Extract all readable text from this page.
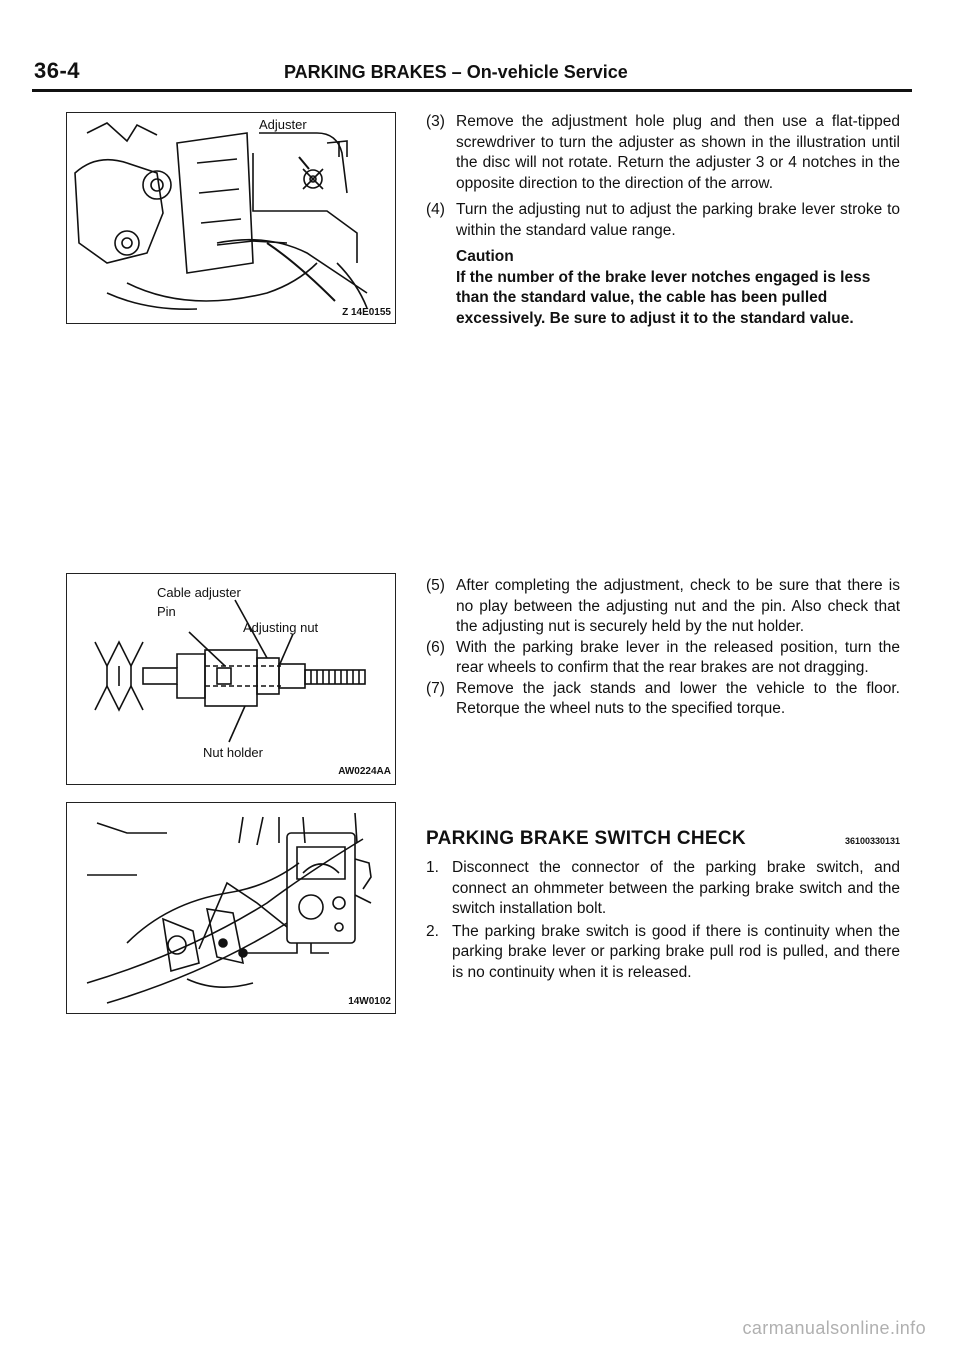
36-4	PARKING BRAKES – On-vehicle Service
Adjuster
Z 14E0155
Cable adjuster
Pin
Adjusting nut
Nut holder
AW0224AA
14W0102
(3) Remove the adjustment hole plug and then use a flat-tipped screwdriver to turn the adjuster as shown in the illustration until the disc will not rotate. Return the adjuster 3 or 4 notches in the opposite direction to the direction of the arrow.
(4) Turn the adjusting nut to adjust the parking brake lever stroke to within the standard value range.
Caution
If the number of the brake lever notches engaged is less than the standard value, the cable has been pulled excessively. Be sure to adjust it to the standard value.
(5) After completing the adjustment, check to be sure that there is no play between the adjusting nut and the pin. Also check that the adjusting nut is securely held by the nut holder.
(6) With the parking brake lever in the released position, turn the rear wheels to confirm that the rear brakes are not dragging.
(7) Remove the jack stands and lower the vehicle to the floor. Retorque the wheel nuts to the specified torque.
PARKING BRAKE SWITCH CHECK	36100330131
1. Disconnect the connector of the parking brake switch, and connect an ohmmeter between the parking brake switch and the switch installation bolt.
2. The parking brake switch is good if there is continuity when the parking brake lever or parking brake pull rod is pulled, and there is no continuity when it is released.
carmanualsonline.info
